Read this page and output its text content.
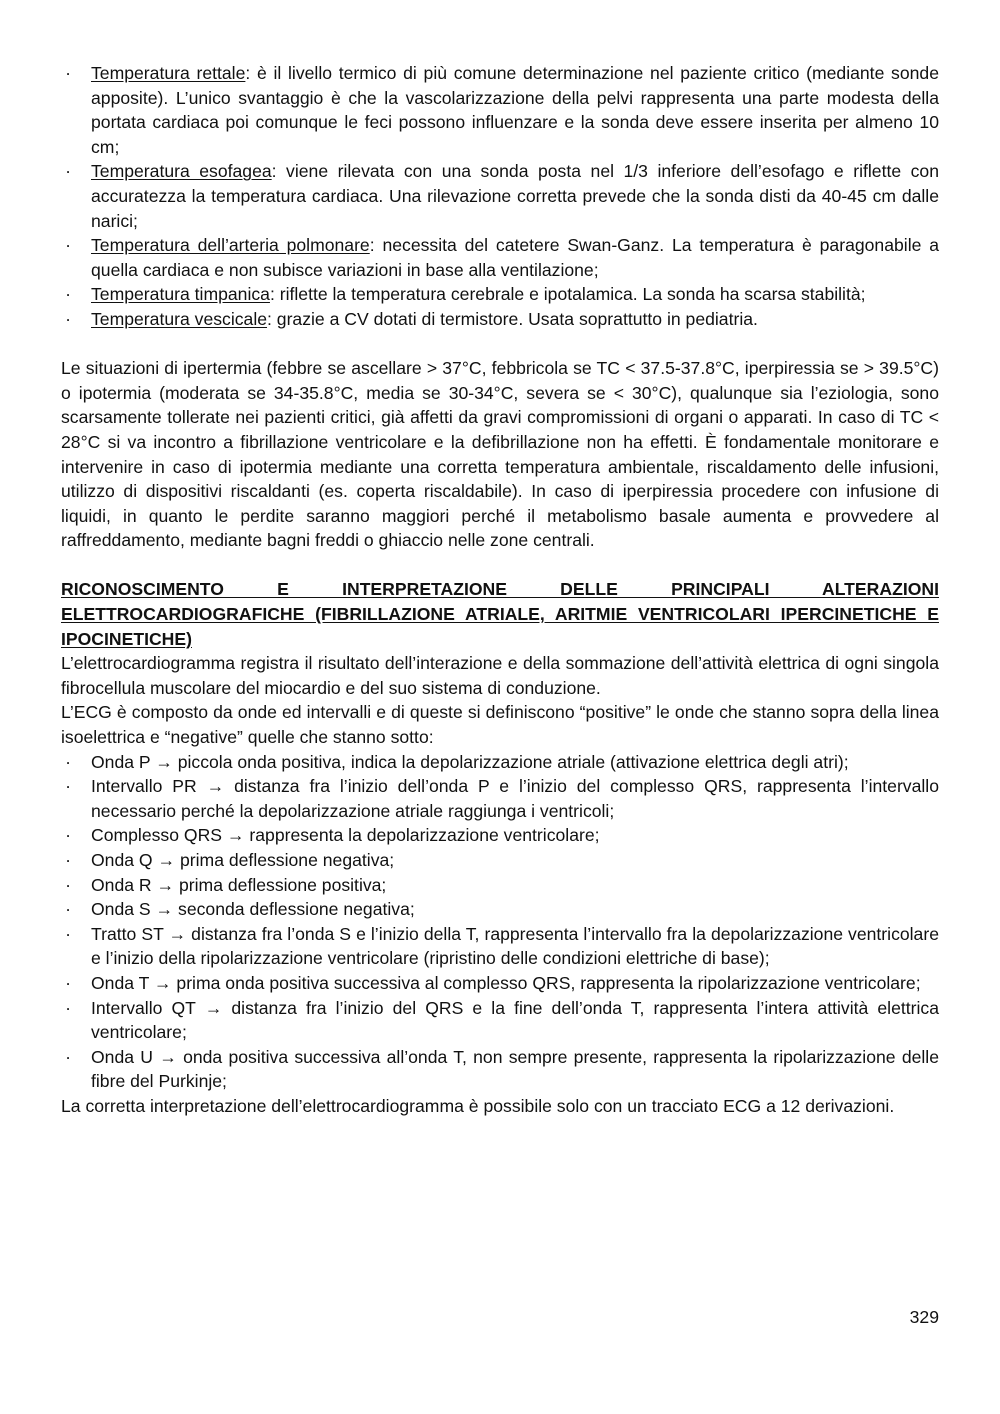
· Temperatura rettale: è il livello termico di più comune determinazione nel paziente critico (mediante sonde apposite). L’unico svantaggio è che la vascolarizzazione della pelvi rappresenta una parte modesta della portata cardiaca poi comunque le feci possono influenzare e la sonda deve essere inserita per almeno 10 cm;
· Temperatura esofagea: viene rilevata con una sonda posta nel 1/3 inferiore dell’esofago e riflette con accuratezza la temperatura cardiaca. Una rilevazione corretta prevede che la sonda disti da 40-45 cm dalle narici;
· Temperatura dell’arteria polmonare: necessita del catetere Swan-Ganz. La temperatura è paragonabile a quella cardiaca e non subisce variazioni in base alla ventilazione;
· Temperatura timpanica: riflette la temperatura cerebrale e ipotalamica. La sonda ha scarsa stabilità;
· Temperatura vescicale: grazie a CV dotati di termistore. Usata soprattutto in pediatria.

Le situazioni di ipertermia (febbre se ascellare > 37°C, febbricola se TC < 37.5-37.8°C, iperpiressia se > 39.5°C) o ipotermia (moderata se 34-35.8°C, media se 30-34°C, severa se < 30°C), qualunque sia l’eziologia, sono scarsamente tollerate nei pazienti critici, già affetti da gravi compromissioni di organi o apparati. In caso di TC < 28°C si va incontro a fibrillazione ventricolare e la defibrillazione non ha effetti. È fondamentale monitorare e intervenire in caso di ipotermia mediante una corretta temperatura ambientale, riscaldamento delle infusioni, utilizzo di dispositivi riscaldanti (es. coperta riscaldabile). In caso di iperpiressia procedere con infusione di liquidi, in quanto le perdite saranno maggiori perché il metabolismo basale aumenta e provvedere al raffreddamento, mediante bagni freddi o ghiaccio nelle zone centrali.

RICONOSCIMENTO E INTERPRETAZIONE DELLE PRINCIPALI ALTERAZIONI ELETTROCARDIOGRAFICHE (FIBRILLAZIONE ATRIALE, ARITMIE VENTRICOLARI IPERCINETICHE E IPOCINETICHE)

L’elettrocardiogramma registra il risultato dell’interazione e della sommazione dell’attività elettrica di ogni singola fibrocellula muscolare del miocardio e del suo sistema di conduzione.

L’ECG è composto da onde ed intervalli e di queste si definiscono “positive” le onde che stanno sopra della linea isoelettrica e “negative” quelle che stanno sotto:

· Onda P → piccola onda positiva, indica la depolarizzazione atriale (attivazione elettrica degli atri);
· Intervallo PR → distanza fra l’inizio dell’onda P e l’inizio del complesso QRS, rappresenta l’intervallo necessario perché la depolarizzazione atriale raggiunga i ventricoli;
· Complesso QRS → rappresenta la depolarizzazione ventricolare;
· Onda Q → prima deflessione negativa;
· Onda R → prima deflessione positiva;
· Onda S → seconda deflessione negativa;
· Tratto ST → distanza fra l’onda S e l’inizio della T, rappresenta l’intervallo fra la depolarizzazione ventricolare e l’inizio della ripolarizzazione ventricolare (ripristino delle condizioni elettriche di base);
· Onda T → prima onda positiva successiva al complesso QRS, rappresenta la ripolarizzazione ventricolare;
· Intervallo QT → distanza fra l’inizio del QRS e la fine dell’onda T, rappresenta l’intera attività elettrica ventricolare;
· Onda U → onda positiva successiva all’onda T, non sempre presente, rappresenta la ripolarizzazione delle fibre del Purkinje;

La corretta interpretazione dell’elettrocardiogramma è possibile solo con un tracciato ECG a 12 derivazioni.

329
